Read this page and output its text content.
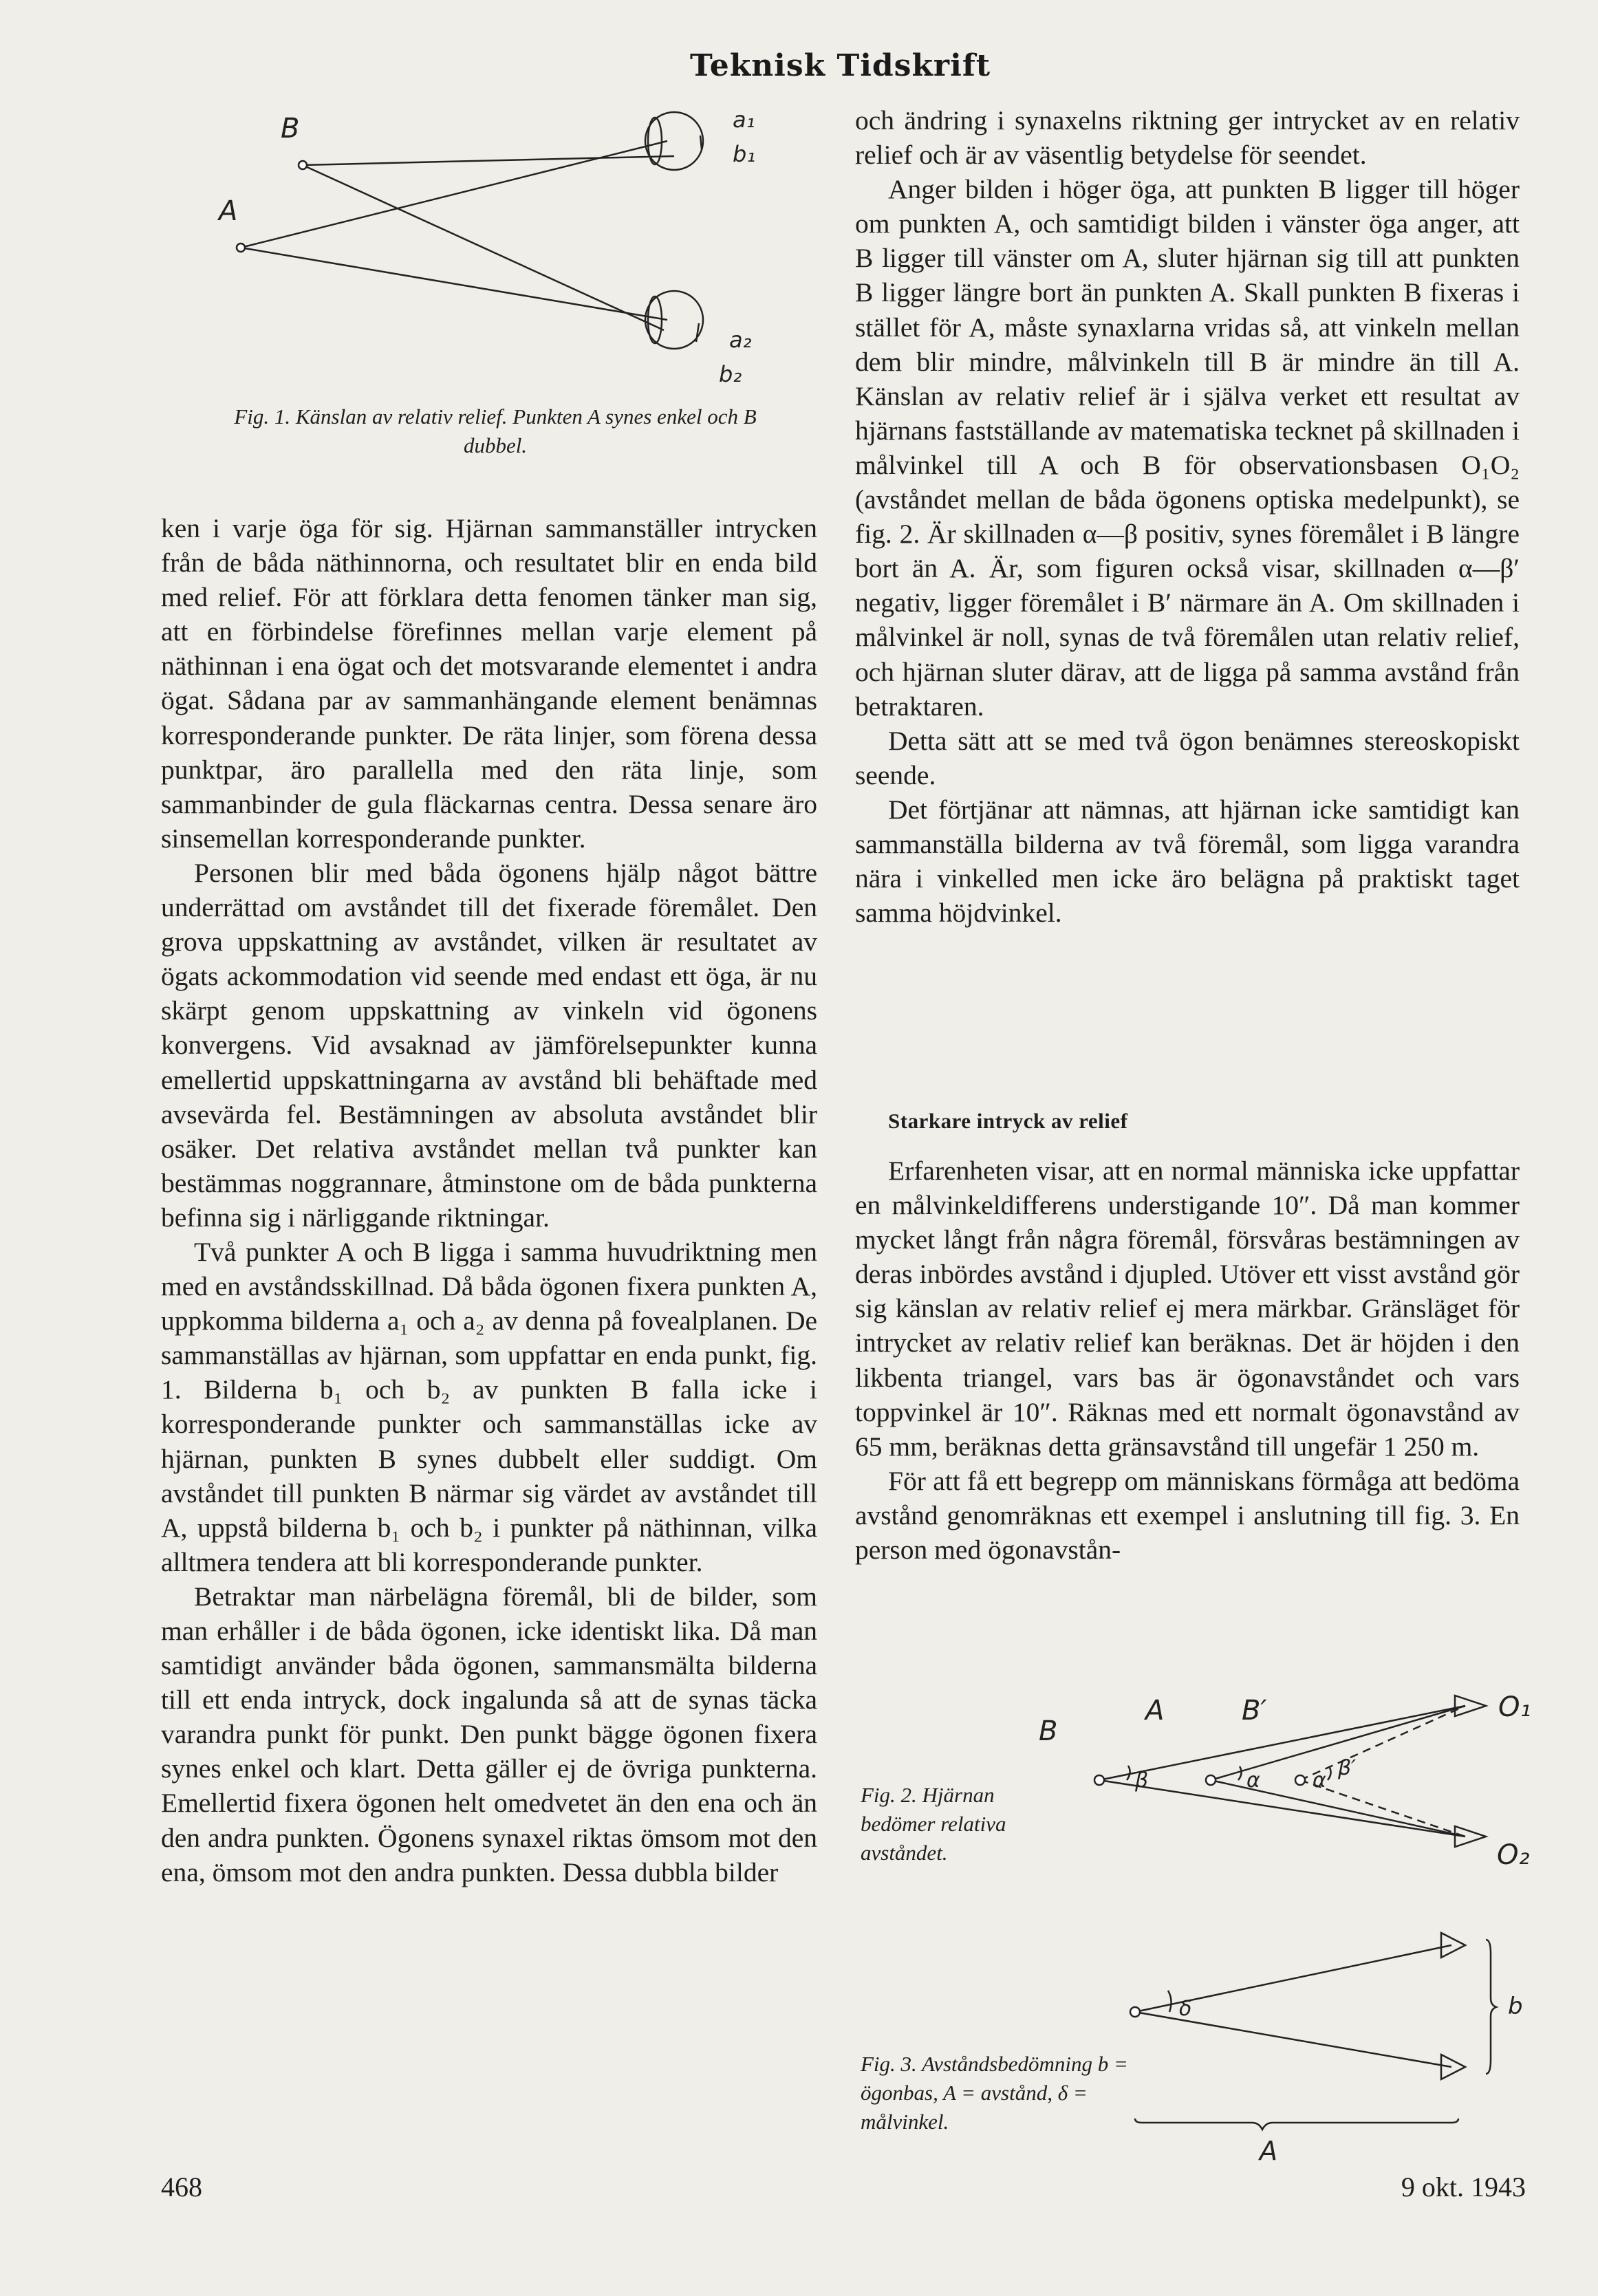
Teknisk Tidskrift
B
A
a₁
b₁
a₂
b₂
Fig. 1. Känslan av relativ relief. Punkten A synes enkel och B dubbel.

ken i varje öga för sig. Hjärnan sammanställer intrycken från de båda näthinnorna, och resultatet blir en enda bild med relief. För att förklara detta fenomen tänker man sig, att en förbindelse förefinnes mellan varje element på näthinnan i ena ögat och det motsvarande elementet i andra ögat. Sådana par av sammanhängande element benämnas korresponderande punkter. De räta linjer, som förena dessa punktpar, äro parallella med den räta linje, som sammanbinder de gula fläckarnas centra. Dessa senare äro sinsemellan korresponderande punkter.

Personen blir med båda ögonens hjälp något bättre underrättad om avståndet till det fixerade föremålet. Den grova uppskattning av avståndet, vilken är resultatet av ögats ackommodation vid seende med endast ett öga, är nu skärpt genom uppskattning av vinkeln vid ögonens konvergens. Vid avsaknad av jämförelsepunkter kunna emellertid uppskattningarna av avstånd bli behäftade med avsevärda fel. Bestämningen av absoluta avståndet blir osäker. Det relativa avståndet mellan två punkter kan bestämmas noggrannare, åtminstone om de båda punkterna befinna sig i närliggande riktningar.

Två punkter A och B ligga i samma huvudriktning men med en avståndsskillnad. Då båda ögonen fixera punkten A, uppkomma bilderna a₁ och a₂ av denna på fovealplanen. De sammanställas av hjärnan, som uppfattar en enda punkt, fig. 1. Bilderna b₁ och b₂ av punkten B falla icke i korresponderande punkter och sammanställas icke av hjärnan, punkten B synes dubbelt eller suddigt. Om avståndet till punkten B närmar sig värdet av avståndet till A, uppstå bilderna b₁ och b₂ i punkter på näthinnan, vilka alltmera tendera att bli korresponderande punkter.

Betraktar man närbelägna föremål, bli de bilder, som man erhåller i de båda ögonen, icke identiskt lika. Då man samtidigt använder båda ögonen, sammansmälta bilderna till ett enda intryck, dock ingalunda så att de synas täcka varandra punkt för punkt. Den punkt bägge ögonen fixera synes enkel och klart. Detta gäller ej de övriga punkterna. Emellertid fixera ögonen helt omedvetet än den ena och än den andra punkten. Ögonens synaxel riktas ömsom mot den ena, ömsom mot den andra punkten. Dessa dubbla bilder

och ändring i synaxelns riktning ger intrycket av en relativ relief och är av väsentlig betydelse för seendet.

Anger bilden i höger öga, att punkten B ligger till höger om punkten A, och samtidigt bilden i vänster öga anger, att B ligger till vänster om A, sluter hjärnan sig till att punkten B ligger längre bort än punkten A. Skall punkten B fixeras i stället för A, måste synaxlarna vridas så, att vinkeln mellan dem blir mindre, målvinkeln till B är mindre än till A. Känslan av relativ relief är i själva verket ett resultat av hjärnans fastställande av matematiska tecknet på skillnaden i målvinkel till A och B för observationsbasen O₁O₂ (avståndet mellan de båda ögonens optiska medelpunkt), se fig. 2. Är skillnaden α—β positiv, synes föremålet i B längre bort än A. Är, som figuren också visar, skillnaden α—β′ negativ, ligger föremålet i B′ närmare än A. Om skillnaden i målvinkel är noll, synas de två föremålen utan relativ relief, och hjärnan sluter därav, att de ligga på samma avstånd från betraktaren.

Detta sätt att se med två ögon benämnes stereoskopiskt seende.

Det förtjänar att nämnas, att hjärnan icke samtidigt kan sammanställa bilderna av två föremål, som ligga varandra nära i vinkelled men icke äro belägna på praktiskt taget samma höjdvinkel.

Starkare intryck av relief

Erfarenheten visar, att en normal människa icke uppfattar en målvinkeldifferens understigande 10″. Då man kommer mycket långt från några föremål, försvåras bestämningen av deras inbördes avstånd i djupled. Utöver ett visst avstånd gör sig känslan av relativ relief ej mera märkbar. Gränsläget för intrycket av relativ relief kan beräknas. Det är höjden i den likbenta triangel, vars bas är ögonavståndet och vars toppvinkel är 10″. Räknas med ett normalt ögonavstånd av 65 mm, beräknas detta gränsavstånd till ungefär 1 250 m.

För att få ett begrepp om människans förmåga att bedöma avstånd genomräknas ett exempel i anslutning till fig. 3. En person med ögonavstån-

B
A	B′	O₁
O₂
β	α	α
β′
Fig. 2. Hjärnan bedömer relativa avståndet.
δ	b
A
Fig. 3. Avståndsbedömning b = ögonbas, A = avstånd, δ = målvinkel.
468	9 okt. 1943
